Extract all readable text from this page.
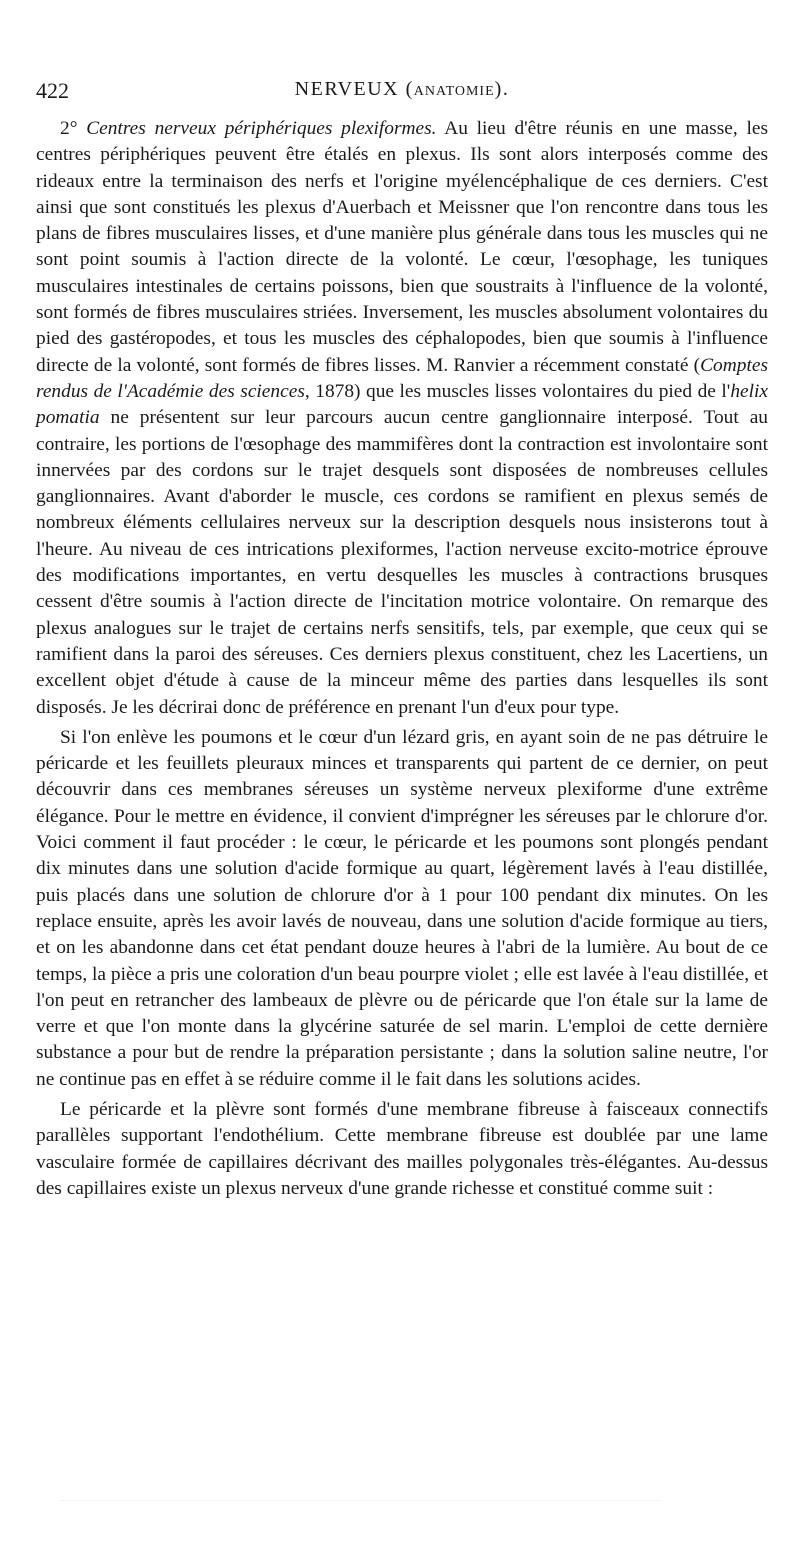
422	NERVEUX (ANATOMIE).

2° Centres nerveux périphériques plexiformes. Au lieu d'être réunis en une masse, les centres périphériques peuvent être étalés en plexus. Ils sont alors interposés comme des rideaux entre la terminaison des nerfs et l'origine myélencéphalique de ces derniers. C'est ainsi que sont constitués les plexus d'Auerbach et Meissner que l'on rencontre dans tous les plans de fibres musculaires lisses, et d'une manière plus générale dans tous les muscles qui ne sont point soumis à l'action directe de la volonté. Le cœur, l'œsophage, les tuniques musculaires intestinales de certains poissons, bien que soustraits à l'influence de la volonté, sont formés de fibres musculaires striées. Inversement, les muscles absolument volontaires du pied des gastéropodes, et tous les muscles des céphalopodes, bien que soumis à l'influence directe de la volonté, sont formés de fibres lisses. M. Ranvier a récemment constaté (Comptes rendus de l'Académie des sciences, 1878) que les muscles lisses volontaires du pied de l'helix pomatia ne présentent sur leur parcours aucun centre ganglionnaire interposé. Tout au contraire, les portions de l'œsophage des mammifères dont la contraction est involontaire sont innervées par des cordons sur le trajet desquels sont disposées de nombreuses cellules ganglionnaires. Avant d'aborder le muscle, ces cordons se ramifient en plexus semés de nombreux éléments cellulaires nerveux sur la description desquels nous insisterons tout à l'heure. Au niveau de ces intrications plexiformes, l'action nerveuse excito-motrice éprouve des modifications importantes, en vertu desquelles les muscles à contractions brusques cessent d'être soumis à l'action directe de l'incitation motrice volontaire. On remarque des plexus analogues sur le trajet de certains nerfs sensitifs, tels, par exemple, que ceux qui se ramifient dans la paroi des séreuses. Ces derniers plexus constituent, chez les Lacertiens, un excellent objet d'étude à cause de la minceur même des parties dans lesquelles ils sont disposés. Je les décrirai donc de préférence en prenant l'un d'eux pour type.

Si l'on enlève les poumons et le cœur d'un lézard gris, en ayant soin de ne pas détruire le péricarde et les feuillets pleuraux minces et transparents qui partent de ce dernier, on peut découvrir dans ces membranes séreuses un système nerveux plexiforme d'une extrême élégance. Pour le mettre en évidence, il convient d'imprégner les séreuses par le chlorure d'or. Voici comment il faut procéder : le cœur, le péricarde et les poumons sont plongés pendant dix minutes dans une solution d'acide formique au quart, légèrement lavés à l'eau distillée, puis placés dans une solution de chlorure d'or à 1 pour 100 pendant dix minutes. On les replace ensuite, après les avoir lavés de nouveau, dans une solution d'acide formique au tiers, et on les abandonne dans cet état pendant douze heures à l'abri de la lumière. Au bout de ce temps, la pièce a pris une coloration d'un beau pourpre violet ; elle est lavée à l'eau distillée, et l'on peut en retrancher des lambeaux de plèvre ou de péricarde que l'on étale sur la lame de verre et que l'on monte dans la glycérine saturée de sel marin. L'emploi de cette dernière substance a pour but de rendre la préparation persistante ; dans la solution saline neutre, l'or ne continue pas en effet à se réduire comme il le fait dans les solutions acides.

Le péricarde et la plèvre sont formés d'une membrane fibreuse à faisceaux connectifs parallèles supportant l'endothélium. Cette membrane fibreuse est doublée par une lame vasculaire formée de capillaires décrivant des mailles polygonales très-élégantes. Au-dessus des capillaires existe un plexus nerveux d'une grande richesse et constitué comme suit :
